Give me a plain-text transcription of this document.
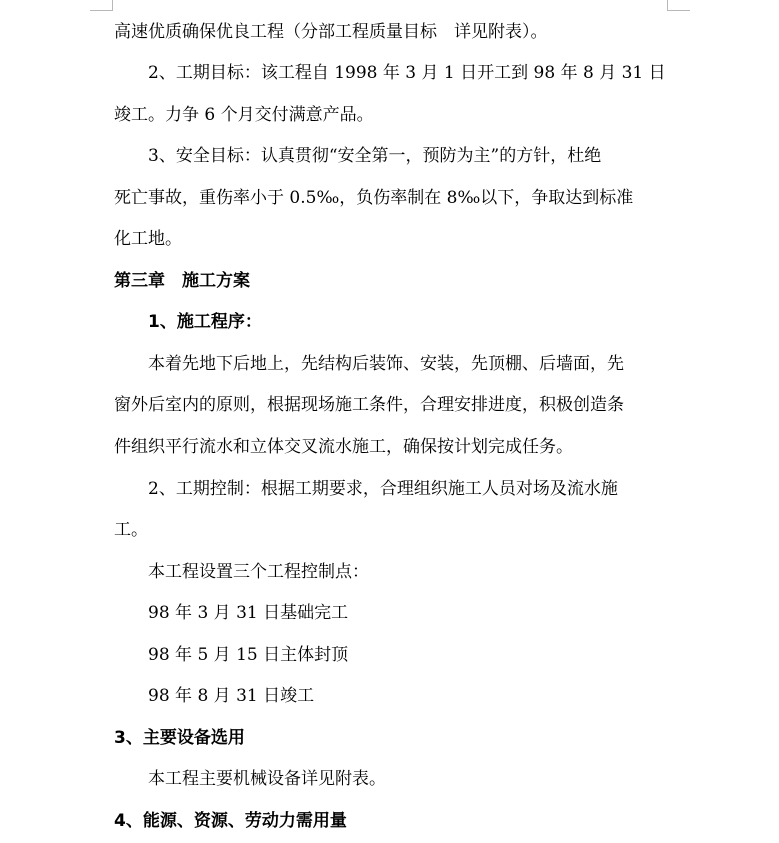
高速优质确保优良工程（分部工程质量目标　详见附表）。
2、工期目标：该工程自 1998 年 3 月 1 日开工到 98 年 8 月 31 日
竣工。力争 6 个月交付满意产品。
3、安全目标：认真贯彻“安全第一，预防为主”的方针，杜绝
死亡事故，重伤率小于 0.5‰，负伤率制在 8‰以下，争取达到标准
化工地。
第三章　施工方案
1、施工程序：
本着先地下后地上，先结构后装饰、安装，先顶棚、后墙面，先
窗外后室内的原则，根据现场施工条件，合理安排进度，积极创造条
件组织平行流水和立体交叉流水施工，确保按计划完成任务。
2、工期控制：根据工期要求，合理组织施工人员对场及流水施
工。
本工程设置三个工程控制点：
98 年 3 月 31 日基础完工
98 年 5 月 15 日主体封顶
98 年 8 月 31 日竣工
3、主要设备选用
本工程主要机械设备详见附表。
4、能源、资源、劳动力需用量
